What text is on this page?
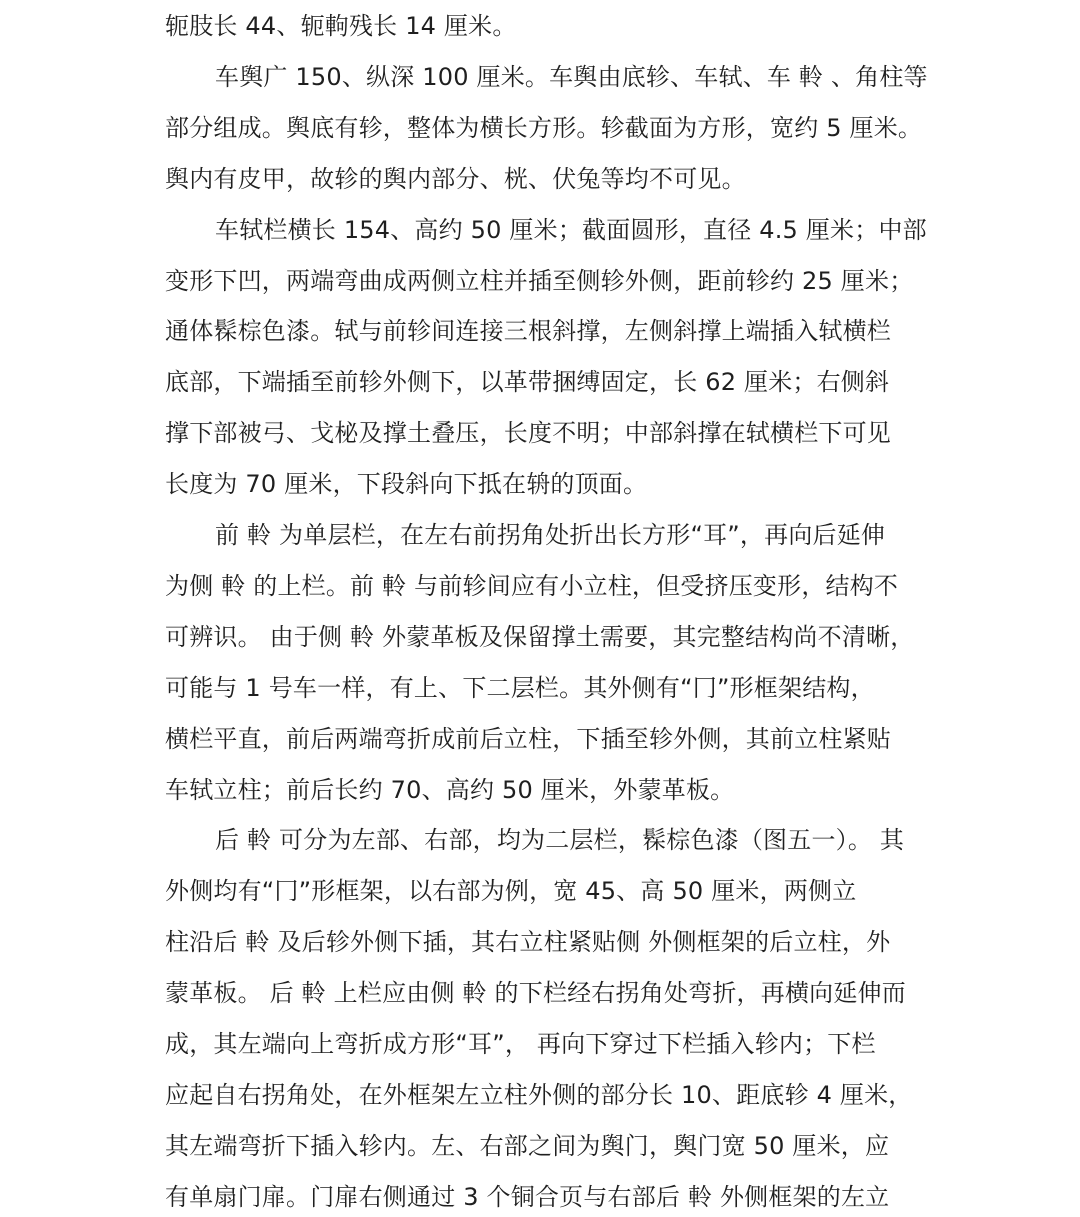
轭肢长 44、轭軥残长 14 厘米。
车舆广 150、纵深 100 厘米。车舆由底轸、车轼、车 軨 、角柱等
部分组成。舆底有轸，整体为横长方形。轸截面为方形，宽约 5 厘米。
舆内有皮甲，故轸的舆内部分、桄、伏兔等均不可见。
车轼栏横长 154、高约 50 厘米；截面圆形，直径 4.5 厘米；中部
变形下凹，两端弯曲成两侧立柱并插至侧轸外侧，距前轸约 25 厘米；
通体髹棕色漆。轼与前轸间连接三根斜撑，左侧斜撑上端插入轼横栏
底部，下端插至前轸外侧下，以革带捆缚固定，长 62 厘米；右侧斜
撑下部被弓、戈柲及撑土叠压，长度不明；中部斜撑在轼横栏下可见
长度为 70 厘米，下段斜向下抵在辀的顶面。
前 軨 为单层栏，在左右前拐角处折出长方形“耳”，再向后延伸
为侧 軨 的上栏。前 軨 与前轸间应有小立柱，但受挤压变形，结构不
可辨识。 由于侧 軨 外蒙革板及保留撑土需要，其完整结构尚不清晰，
可能与 1 号车一样，有上、下二层栏。其外侧有“冂”形框架结构，
横栏平直，前后两端弯折成前后立柱，下插至轸外侧，其前立柱紧贴
车轼立柱；前后长约 70、高约 50 厘米，外蒙革板。
后 軨 可分为左部、右部，均为二层栏，髹棕色漆（图五一）。 其
外侧均有“冂”形框架，以右部为例，宽 45、高 50 厘米，两侧立
柱沿后 軨 及后轸外侧下插，其右立柱紧贴侧 外侧框架的后立柱，外
蒙革板。 后 軨 上栏应由侧 軨 的下栏经右拐角处弯折，再横向延伸而
成，其左端向上弯折成方形“耳”， 再向下穿过下栏插入轸内；下栏
应起自右拐角处，在外框架左立柱外侧的部分长 10、距底轸 4 厘米，
其左端弯折下插入轸内。左、右部之间为舆门，舆门宽 50 厘米，应
有单扇门扉。门扉右侧通过 3 个铜合页与右部后 軨 外侧框架的左立
